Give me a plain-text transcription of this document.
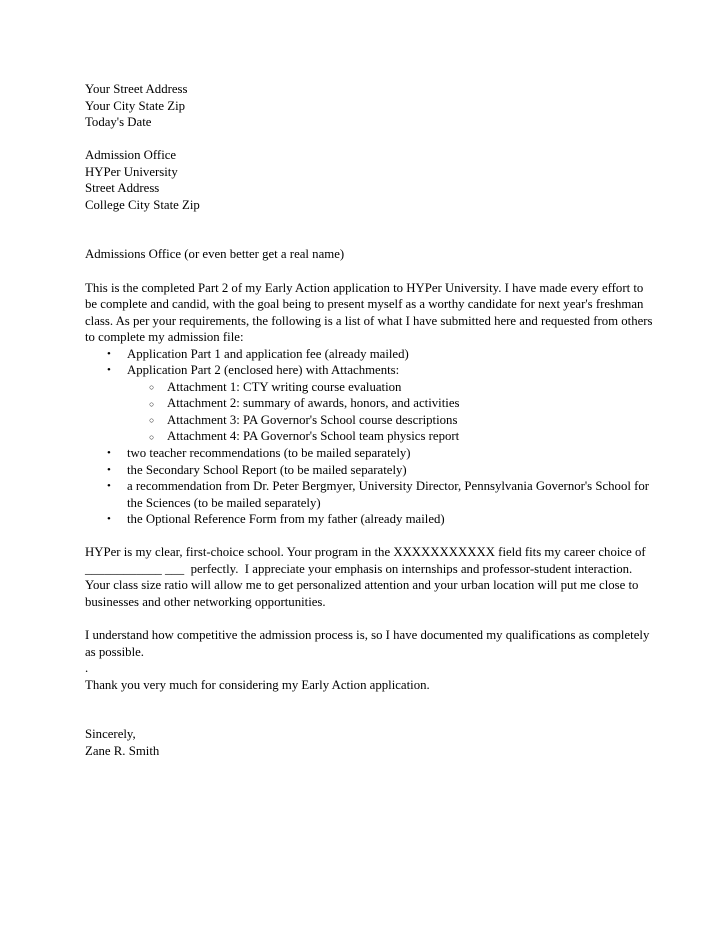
Your Street Address
Your City State Zip
Today's Date
Admission Office
HYPer University
Street Address
College City State Zip
Admissions Office (or even better get a real name)

This is the completed Part 2 of my Early Action application to HYPer University. I have made every effort to be complete and candid, with the goal being to present myself as a worthy candidate for next year's freshman class. As per your requirements, the following is a list of what I have submitted here and requested from others to complete my admission file:

•	Application Part 1 and application fee (already mailed)
•	Application Part 2 (enclosed here) with Attachments:
○	Attachment 1: CTY writing course evaluation
○	Attachment 2: summary of awards, honors, and activities
○	Attachment 3: PA Governor's School course descriptions
○	Attachment 4: PA Governor's School team physics report
•	two teacher recommendations (to be mailed separately)
•	the Secondary School Report (to be mailed separately)
•	a recommendation from Dr. Peter Bergmyer, University Director, Pennsylvania Governor's School for the Sciences (to be mailed separately)
•	the Optional Reference Form from my father (already mailed)

HYPer is my clear, first-choice school. Your program in the XXXXXXXXXXX field fits my career choice of ____________ ___  perfectly.  I appreciate your emphasis on internships and professor-student interaction.  Your class size ratio will allow me to get personalized attention and your urban location will put me close to businesses and other networking opportunities.

I understand how competitive the admission process is, so I have documented my qualifications as completely as possible.

.

Thank you very much for considering my Early Action application.

Sincerely,
Zane R. Smith
